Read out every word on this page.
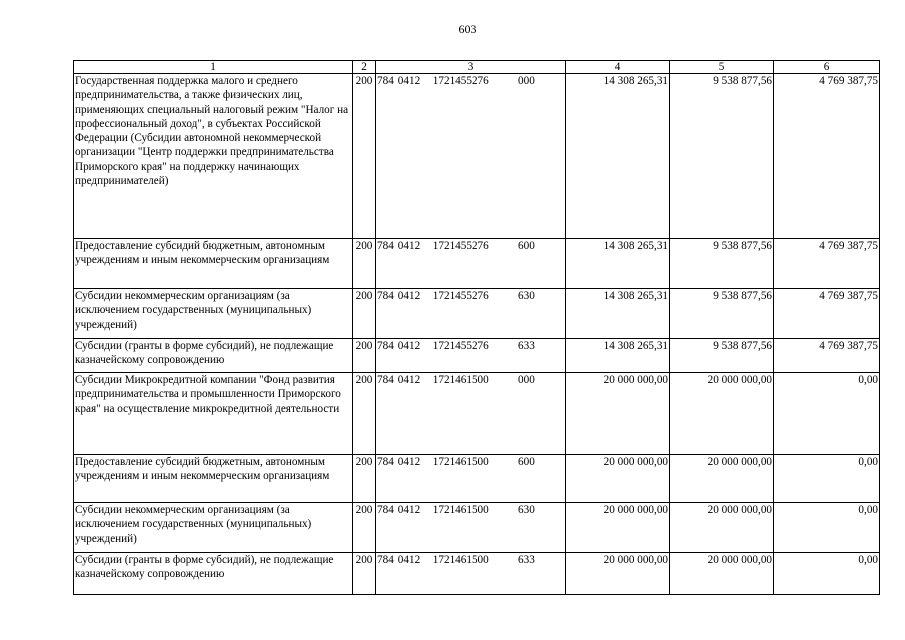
603
1	2	3	4	5	6
Государственная поддержка малого и среднего предпринимательства, а также физических лиц, применяющих специальный налоговый режим "Налог на профессиональный доход", в субъектах Российской Федерации (Субсидии автономной некоммерческой организации "Центр поддержки предпринимательства Приморского края" на поддержку начинающих предпринимателей)	200	784 0412 1721455276 000	14 308 265,31	9 538 877,56	4 769 387,75
Предоставление субсидий бюджетным, автономным учреждениям и иным некоммерческим организациям	200	784 0412 1721455276 600	14 308 265,31	9 538 877,56	4 769 387,75
Субсидии некоммерческим организациям (за исключением государственных (муниципальных) учреждений)	200	784 0412 1721455276 630	14 308 265,31	9 538 877,56	4 769 387,75
Субсидии (гранты в форме субсидий), не подлежащие казначейскому сопровождению	200	784 0412 1721455276 633	14 308 265,31	9 538 877,56	4 769 387,75
Субсидии Микрокредитной компании "Фонд развития предпринимательства и промышленности Приморского края" на осуществление микрокредитной деятельности	200	784 0412 1721461500 000	20 000 000,00	20 000 000,00	0,00
Предоставление субсидий бюджетным, автономным учреждениям и иным некоммерческим организациям	200	784 0412 1721461500 600	20 000 000,00	20 000 000,00	0,00
Субсидии некоммерческим организациям (за исключением государственных (муниципальных) учреждений)	200	784 0412 1721461500 630	20 000 000,00	20 000 000,00	0,00
Субсидии (гранты в форме субсидий), не подлежащие казначейскому сопровождению	200	784 0412 1721461500 633	20 000 000,00	20 000 000,00	0,00
